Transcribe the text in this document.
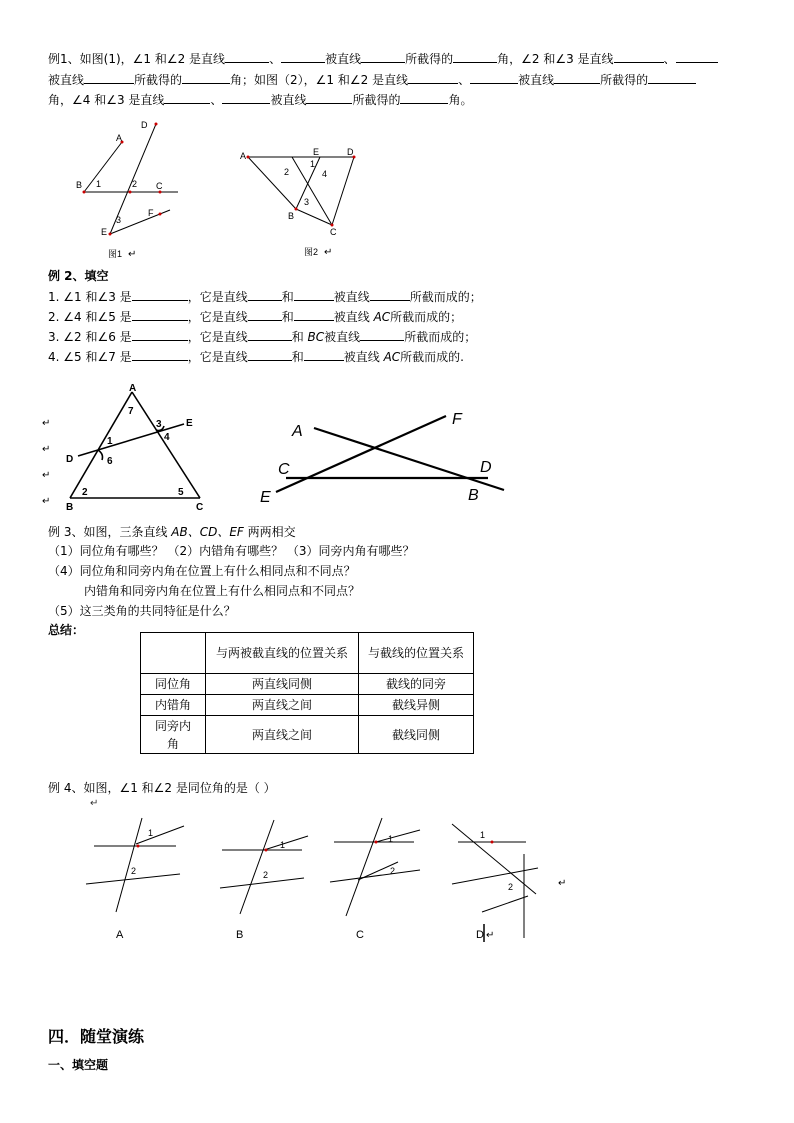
例1、如图(1)，∠1 和∠2 是直线	、	被直线	所截得的	角，∠2 和∠3 是直线	、
被直线	所截得的	角；如图（2），∠1 和∠2 是直线	、	被直线	所截得的
角，∠4 和∠3 是直线	、	被直线	所截得的	角。
A
D
B 1	2 C
3
F
E
图1 ↵
A	E	D
1
2	4
3
B
C
图2 ↵
例 2、填空
1. ∠1 和∠3 是	，它是直线	和	被直线	所截而成的；
2. ∠4 和∠5 是	，它是直线	和	被直线 AC所截而成的；
3. ∠2 和∠6 是	，它是直线	和 BC被直线	所截而成的；
4. ∠5 和∠7 是	，它是直线	和	被直线 AC所截而成的.
↵
↵
↵
↵
A
7
3 E
4
1
D	6
2	5
B	C
A
F
C	D
E	B
例 3、如图，三条直线 AB、CD、EF 两两相交
（1）同位角有哪些？ （2）内错角有哪些？ （3）同旁内角有哪些？
（4）同位角和同旁内角在位置上有什么相同点和不同点？
内错角和同旁内角在位置上有什么相同点和不同点？
（5）这三类角的共同特征是什么？
总结：
	与两被截直线的位置关系	与截线的位置关系
同位角	两直线同侧	截线的同旁
内错角	两直线之间	截线异侧
同旁内角	两直线之间	截线同侧
例 4、如图，∠1 和∠2 是同位角的是（ ）
↵
1
2
1
2
1
2
1
2	↵
A	B	C	D ↵
四．随堂演练
一、填空题
